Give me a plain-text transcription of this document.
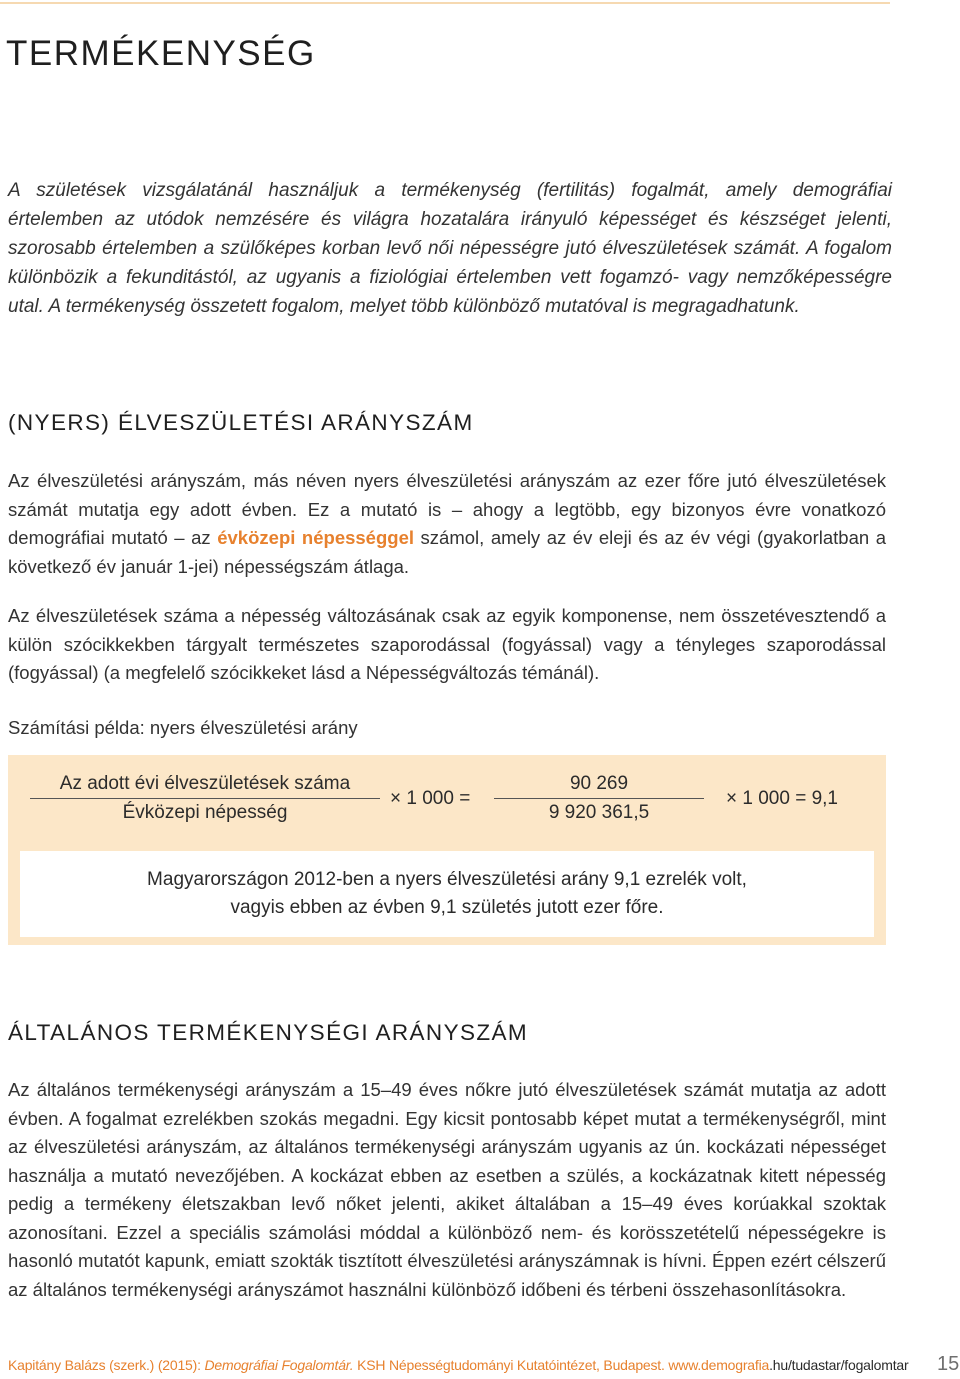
TERMÉKENYSÉG

A születések vizsgálatánál használjuk a termékenység (fertilitás) fogalmát, amely demográfiai értelemben az utódok nemzésére és világra hozatalára irányuló képességet és készséget jelenti, szorosabb értelemben a szülőképes korban levő női népességre jutó élveszületések számát. A fogalom különbözik a fekunditástól, az ugyanis a fiziológiai értelemben vett fogamzó- vagy nemzőképességre utal. A termékenység összetett fogalom, melyet több különböző mutatóval is megragadhatunk.

(NYERS) ÉLVESZÜLETÉSI ARÁNYSZÁM

Az élveszületési arányszám, más néven nyers élveszületési arányszám az ezer főre jutó élveszületések számát mutatja egy adott évben. Ez a mutató is – ahogy a legtöbb, egy bizonyos évre vonatkozó demográfiai mutató – az évközepi népességgel számol, amely az év eleji és az év végi (gyakorlatban a következő év január 1-jei) népességszám átlaga.

Az élveszületések száma a népesség változásának csak az egyik komponense, nem összetévesztendő a külön szócikkekben tárgyalt természetes szaporodással (fogyással) vagy a tényleges szaporodással (fogyással) (a megfelelő szócikkeket lásd a Népességváltozás témánál).

Számítási példa: nyers élveszületési arány

Az adott évi élveszületések száma
Évközepi népesség
× 1 000 =
90 269
9 920 361,5
× 1 000 = 9,1
Magyarországon 2012-ben a nyers élveszületési arány 9,1 ezrelék volt,
vagyis ebben az évben 9,1 születés jutott ezer főre.
ÁLTALÁNOS TERMÉKENYSÉGI ARÁNYSZÁM

Az általános termékenységi arányszám a 15–49 éves nőkre jutó élveszületések számát mutatja az adott évben. A fogalmat ezrelékben szokás megadni. Egy kicsit pontosabb képet mutat a termékenységről, mint az élveszületési arányszám, az általános termékenységi arányszám ugyanis az ún. kockázati népességet használja a mutató nevezőjében. A kockázat ebben az esetben a szülés, a kockázatnak kitett népesség pedig a termékeny életszakban levő nőket jelenti, akiket általában a 15–49 éves korúakkal szoktak azonosítani. Ezzel a speciális számolási móddal a különböző nem- és korösszetételű népességekre is hasonló mutatót kapunk, emiatt szokták tisztított élveszületési arányszámnak is hívni. Éppen ezért célszerű az általános termékenységi arányszámot használni különböző időbeni és térbeni összehasonlításokra.

Kapitány Balázs (szerk.) (2015): Demográfiai Fogalomtár. KSH Népességtudományi Kutatóintézet, Budapest. www.demografia.hu/tudastar/fogalomtar 15
